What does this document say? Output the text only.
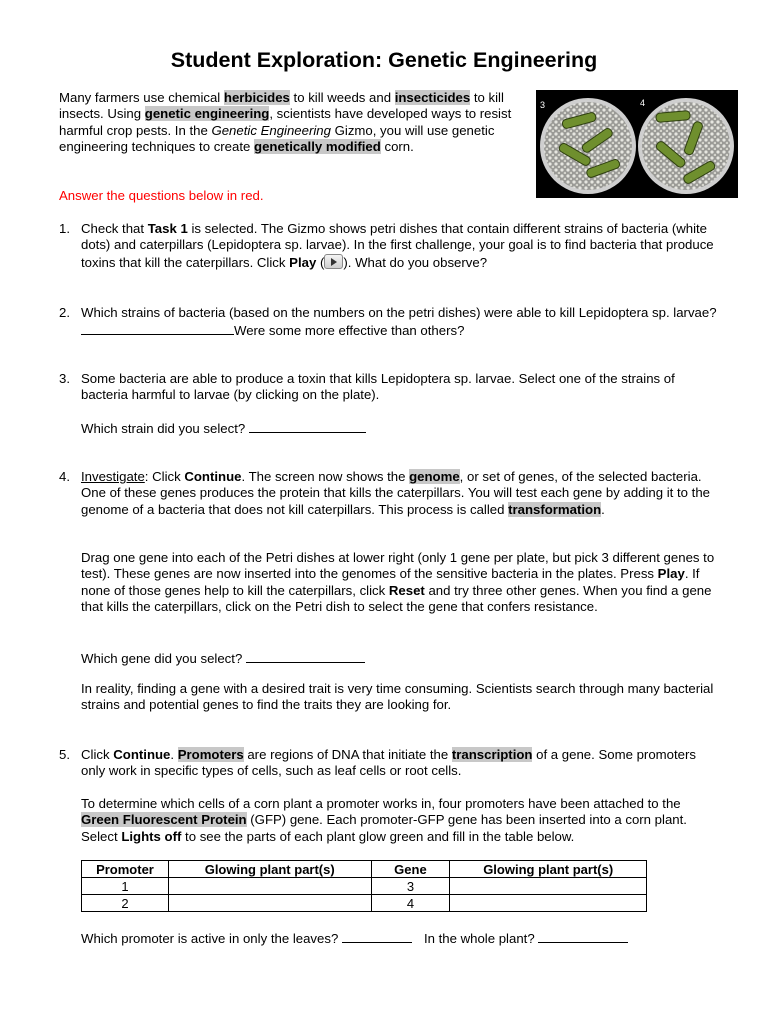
Student Exploration: Genetic Engineering
Many farmers use chemical herbicides to kill weeds and insecticides to kill insects. Using genetic engineering, scientists have developed ways to resist harmful crop pests. In the Genetic Engineering Gizmo, you will use genetic engineering techniques to create genetically modified corn.
3	4
Answer the questions below in red.
1. Check that Task 1 is selected. The Gizmo shows petri dishes that contain different strains of bacteria (white dots) and caterpillars (Lepidoptera sp. larvae). In the first challenge, your goal is to find bacteria that produce toxins that kill the caterpillars. Click Play ( ). What do you observe?
2. Which strains of bacteria (based on the numbers on the petri dishes) were able to kill Lepidoptera sp. larvae? Were some more effective than others?
3. Some bacteria are able to produce a toxin that kills Lepidoptera sp. larvae. Select one of the strains of bacteria harmful to larvae (by clicking on the plate).
Which strain did you select?
4. Investigate: Click Continue. The screen now shows the genome, or set of genes, of the selected bacteria. One of these genes produces the protein that kills the caterpillars. You will test each gene by adding it to the genome of a bacteria that does not kill caterpillars. This process is called transformation.
Drag one gene into each of the Petri dishes at lower right (only 1 gene per plate, but pick 3 different genes to test). These genes are now inserted into the genomes of the sensitive bacteria in the plates. Press Play. If none of those genes help to kill the caterpillars, click Reset and try three other genes. When you find a gene that kills the caterpillars, click on the Petri dish to select the gene that confers resistance.
Which gene did you select?
In reality, finding a gene with a desired trait is very time consuming. Scientists search through many bacterial strains and potential genes to find the traits they are looking for.
5. Click Continue. Promoters are regions of DNA that initiate the transcription of a gene. Some promoters only work in specific types of cells, such as leaf cells or root cells.
To determine which cells of a corn plant a promoter works in, four promoters have been attached to the Green Fluorescent Protein (GFP) gene. Each promoter-GFP gene has been inserted into a corn plant. Select Lights off to see the parts of each plant glow green and fill in the table below.
Promoter	Glowing plant part(s)	Gene	Glowing plant part(s)
1		3	
2		4	
Which promoter is active in only the leaves?	In the whole plant?
